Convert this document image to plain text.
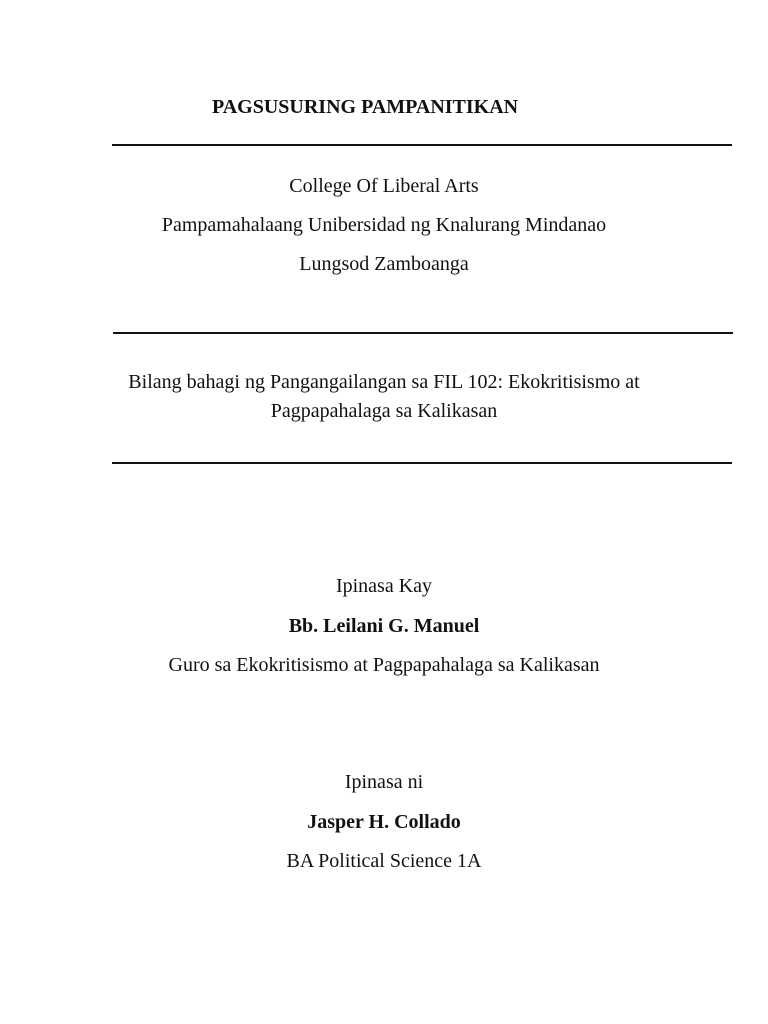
PAGSUSURING PAMPANITIKAN
College Of Liberal Arts
Pampamahalaang Unibersidad ng Knalurang Mindanao
Lungsod Zamboanga
Bilang bahagi ng Pangangailangan sa FIL 102: Ekokritisismo at
Pagpapahalaga sa Kalikasan
Ipinasa Kay
Bb. Leilani G. Manuel
Guro sa Ekokritisismo at Pagpapahalaga sa Kalikasan
Ipinasa ni
Jasper H. Collado
BA Political Science 1A
